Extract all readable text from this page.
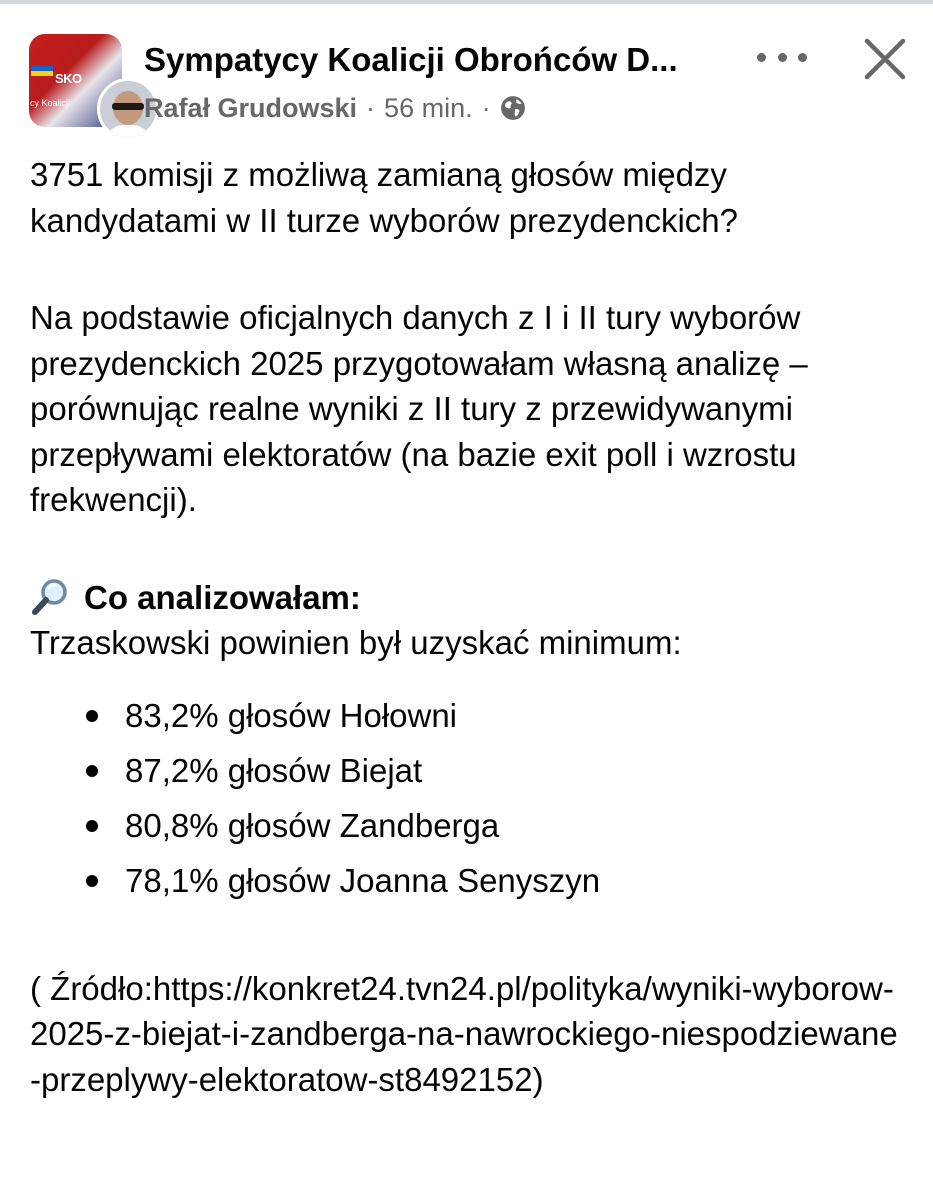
SKO
cy Koalicji
Sympatycy Koalicji Obrońców D...
Rafał Grudowski · 56 min. ·

3751 komisji z możliwą zamianą głosów między kandydatami w II turze wyborów prezydenckich?

Na podstawie oficjalnych danych z I i II tury wyborów prezydenckich 2025 przygotowałam własną analizę – porównując realne wyniki z II tury z przewidywanymi przepływami elektoratów (na bazie exit poll i wzrostu frekwencji).

Co analizowałam:

Trzaskowski powinien był uzyskać minimum:

83,2% głosów Hołowni
87,2% głosów Biejat
80,8% głosów Zandberga
78,1% głosów Joanna Senyszyn

( Źródło:https://konkret24.tvn24.pl/polityka/wyniki-wyborow-2025-z-biejat-i-zandberga-na-nawrockiego-niespodziewane-przeplywy-elektoratow-st8492152)
